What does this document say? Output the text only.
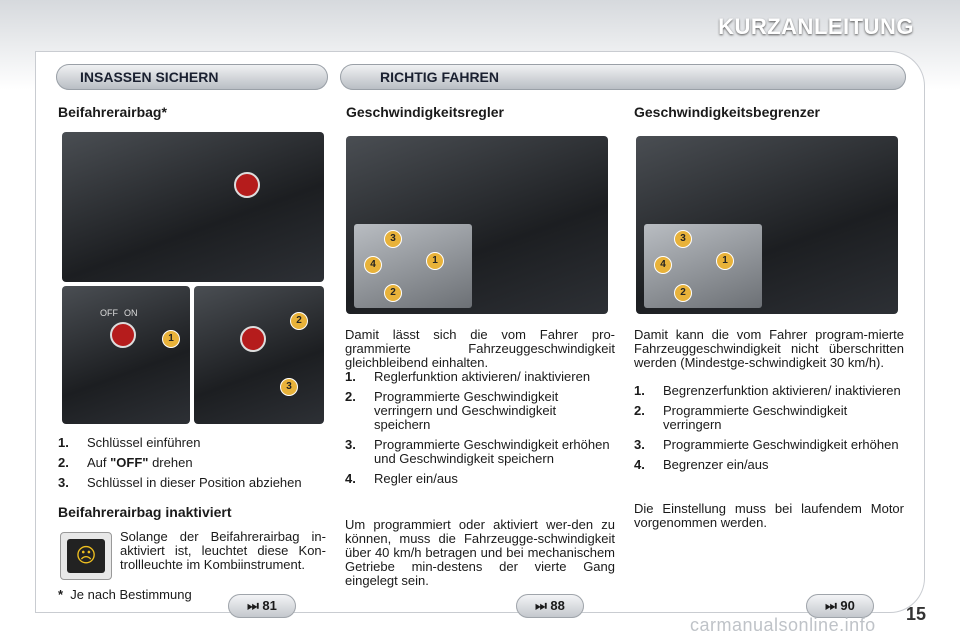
KURZANLEITUNG
INSASSEN SICHERN	RICHTIG FAHREN
Beifahrerairbag*
OFF ON
1
2
3
1.	Schlüssel einführen
2.	Auf "OFF" drehen
3.	Schlüssel in dieser Position abziehen
Beifahrerairbag inaktiviert
☹
Solange der Beifahrerairbag in-aktiviert ist, leuchtet diese Kon-trollleuchte im Kombiinstrument.
* Je nach Bestimmung
Geschwindigkeitsregler
3
4	1
2
Damit lässt sich die vom Fahrer pro-grammierte Fahrzeuggeschwindigkeit gleichbleibend einhalten.
1.	Reglerfunktion aktivieren/ inaktivieren
2.	Programmierte Geschwindigkeit verringern und Geschwindigkeit speichern
3.	Programmierte Geschwindigkeit erhöhen und Geschwindigkeit speichern
4.	Regler ein/aus
Um programmiert oder aktiviert wer-den zu können, muss die Fahrzeugge-schwindigkeit über 40 km/h betragen und bei mechanischem Getriebe min-destens der vierte Gang eingelegt sein.
Geschwindigkeitsbegrenzer
3
4	1
2
Damit kann die vom Fahrer program-mierte Fahrzeuggeschwindigkeit nicht überschritten werden (Mindestge-schwindigkeit 30 km/h).
1.	Begrenzerfunktion aktivieren/ inaktivieren
2.	Programmierte Geschwindigkeit verringern
3.	Programmierte Geschwindigkeit erhöhen
4.	Begrenzer ein/aus
Die Einstellung muss bei laufendem Motor vorgenommen werden.
⏭ 81	⏭ 88	⏭ 90	15
carmanualsonline.info
